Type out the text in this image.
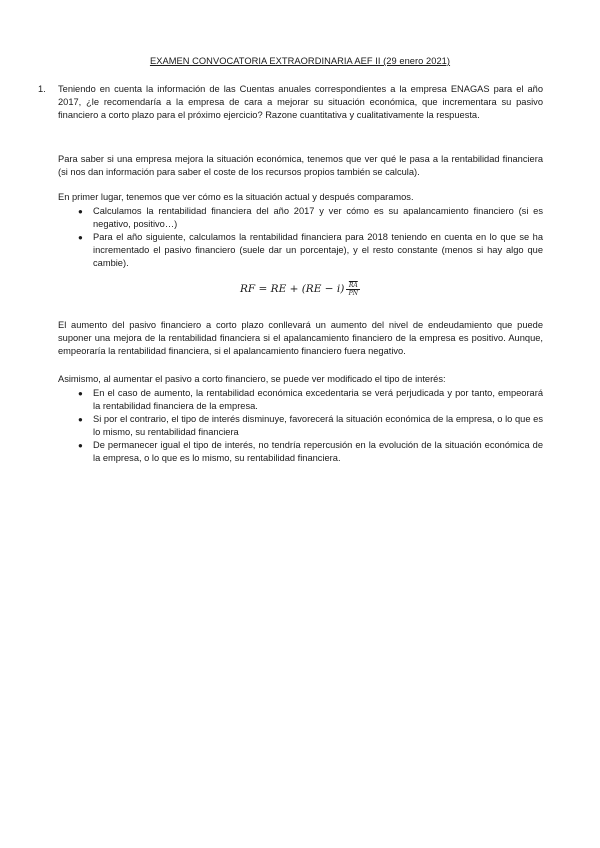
EXAMEN CONVOCATORIA EXTRAORDINARIA AEF II (29 enero 2021)
1. Teniendo en cuenta la información de las Cuentas anuales correspondientes a la empresa ENAGAS para el año 2017, ¿le recomendaría a la empresa de cara a mejorar su situación económica, que incrementara su pasivo financiero a corto plazo para el próximo ejercicio? Razone cuantitativa y cualitativamente la respuesta.
Para saber si una empresa mejora la situación económica, tenemos que ver qué le pasa a la rentabilidad financiera (si nos dan información para saber el coste de los recursos propios también se calcula).
En primer lugar, tenemos que ver cómo es la situación actual y después comparamos.
● Calculamos la rentabilidad financiera del año 2017 y ver cómo es su apalancamiento financiero (si es negativo, positivo…)
● Para el año siguiente, calculamos la rentabilidad financiera para 2018 teniendo en cuenta en lo que se ha incrementado el pasivo financiero (suele dar un porcentaje), y el resto constante (menos si hay algo que cambie).
RF = RE + $(RE - i) \frac{\overline{RA}}{PN}$
El aumento del pasivo financiero a corto plazo conllevará un aumento del nivel de endeudamiento que puede suponer una mejora de la rentabilidad financiera si el apalancamiento financiero de la empresa es positivo. Aunque, empeoraría la rentabilidad financiera, si el apalancamiento financiero fuera negativo.
Asimismo, al aumentar el pasivo a corto financiero, se puede ver modificado el tipo de interés:
● En el caso de aumento, la rentabilidad económica excedentaria se verá perjudicada y por tanto, empeorará la rentabilidad financiera de la empresa.
● Si por el contrario, el tipo de interés disminuye, favorecerá la situación económica de la empresa, o lo que es lo mismo, su rentabilidad financiera
● De permanecer igual el tipo de interés, no tendría repercusión en la evolución de la situación económica de la empresa, o lo que es lo mismo, su rentabilidad financiera.
